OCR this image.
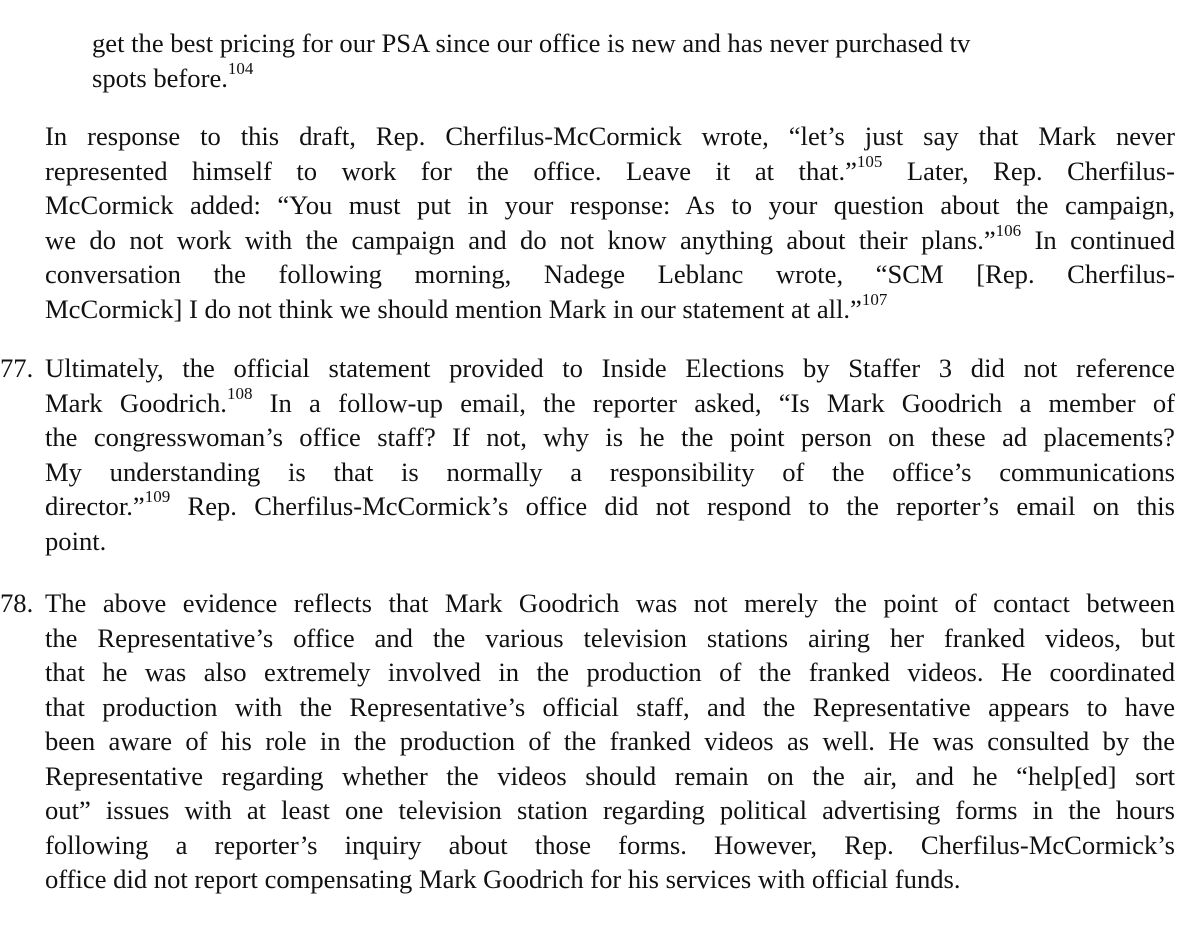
get the best pricing for our PSA since our office is new and has never purchased tv
spots before.$^{104}$
In response to this draft, Rep. Cherfilus-McCormick wrote, “let’s just say that Mark never
represented himself to work for the office. Leave it at that.”$^{105}$ Later, Rep. Cherfilus-
McCormick added: “You must put in your response: As to your question about the campaign,
we do not work with the campaign and do not know anything about their plans.”$^{106}$ In continued
conversation the following morning, Nadege Leblanc wrote, “SCM [Rep. Cherfilus-
McCormick] I do not think we should mention Mark in our statement at all.”$^{107}$
77. Ultimately, the official statement provided to Inside Elections by Staffer 3 did not reference
Mark Goodrich.$^{108}$ In a follow-up email, the reporter asked, “Is Mark Goodrich a member of
the congresswoman’s office staff? If not, why is he the point person on these ad placements?
My understanding is that is normally a responsibility of the office’s communications
director.”$^{109}$ Rep. Cherfilus-McCormick’s office did not respond to the reporter’s email on this
point.
78. The above evidence reflects that Mark Goodrich was not merely the point of contact between
the Representative’s office and the various television stations airing her franked videos, but
that he was also extremely involved in the production of the franked videos. He coordinated
that production with the Representative’s official staff, and the Representative appears to have
been aware of his role in the production of the franked videos as well. He was consulted by the
Representative regarding whether the videos should remain on the air, and he “help[ed] sort
out” issues with at least one television station regarding political advertising forms in the hours
following a reporter’s inquiry about those forms. However, Rep. Cherfilus-McCormick’s
office did not report compensating Mark Goodrich for his services with official funds.
